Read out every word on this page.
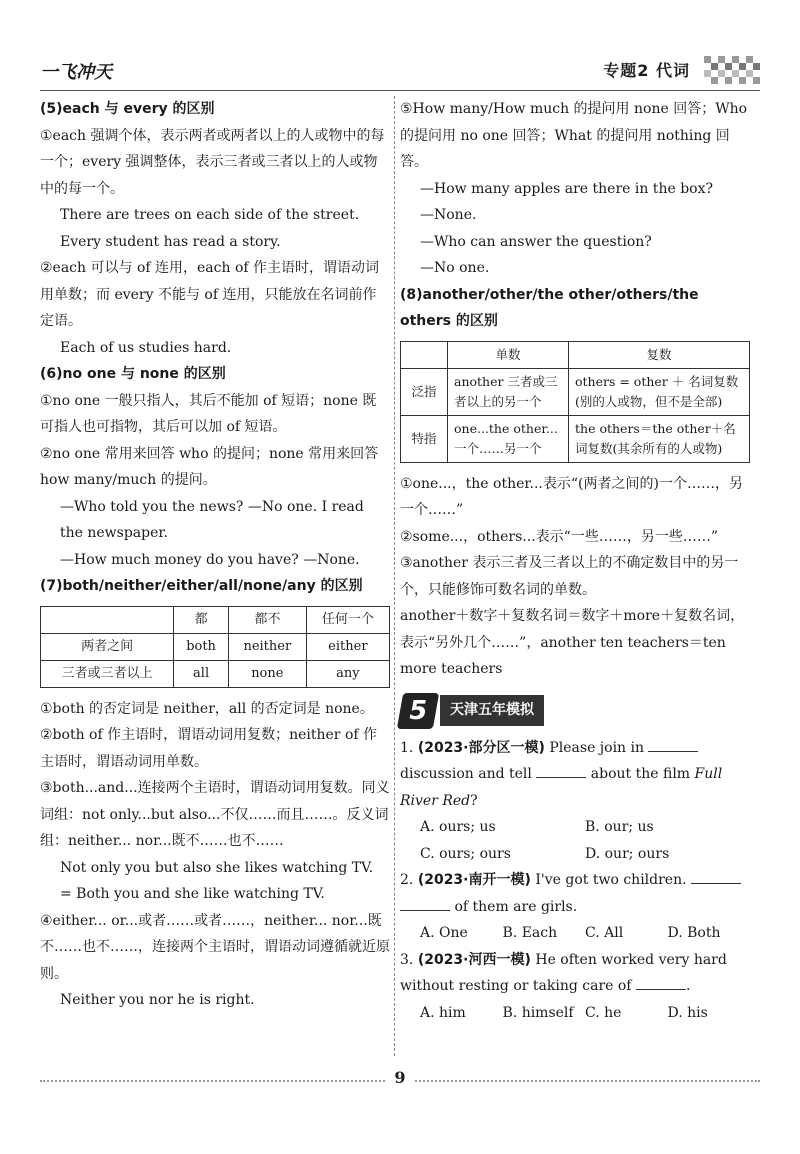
一飞冲天	专题2 代词

(5)each 与 every 的区别

①each 强调个体，表示两者或两者以上的人或物中的每一个；every 强调整体，表示三者或三者以上的人或物中的每一个。

There are trees on each side of the street.

Every student has read a story.

②each 可以与 of 连用，each of 作主语时，谓语动词用单数；而 every 不能与 of 连用，只能放在名词前作定语。

Each of us studies hard.

(6)no one 与 none 的区别

①no one 一般只指人，其后不能加 of 短语；none 既可指人也可指物，其后可以加 of 短语。

②no one 常用来回答 who 的提问；none 常用来回答 how many/much 的提问。

—Who told you the news? —No one. I read the newspaper.

—How much money do you have? —None.

(7)both/neither/either/all/none/any 的区别

	都	都不	任何一个
两者之间	both	neither	either
三者或三者以上	all	none	any

①both 的否定词是 neither，all 的否定词是 none。

②both of 作主语时，谓语动词用复数；neither of 作主语时，谓语动词用单数。

③both...and...连接两个主语时，谓语动词用复数。同义词组：not only...but also...不仅……而且……。反义词组：neither... nor...既不……也不……

Not only you but also she likes watching TV.

= Both you and she like watching TV.

④either... or...或者……或者……，neither... nor...既不……也不……，连接两个主语时，谓语动词遵循就近原则。

Neither you nor he is right.

⑤How many/How much 的提问用 none 回答；Who 的提问用 no one 回答；What 的提问用 nothing 回答。

—How many apples are there in the box?

—None.

—Who can answer the question?

—No one.

(8)another/other/the other/others/the others 的区别

	单数	复数
泛指	another 三者或三者以上的另一个	others = other ＋ 名词复数(别的人或物，但不是全部)
特指	one...the other...一个……另一个	the others＝the other＋名词复数(其余所有的人或物)

①one...，the other...表示“(两者之间的)一个……，另一个……”

②some...，others...表示“一些……，另一些……”

③another 表示三者及三者以上的不确定数目中的另一个，只能修饰可数名词的单数。

another＋数字＋复数名词＝数字＋more＋复数名词，表示“另外几个……”，another ten teachers＝ten more teachers

5	天津五年模拟

1. (2023·部分区一模) Please join in  discussion and tell	about the film Full River Red?

A. ours; us	B. our; us
C. ours; ours	D. our; ours

2. (2023·南开一模) I've got two children.   of them are girls.

A. One	B. Each	C. All	D. Both

3. (2023·河西一模) He often worked very hard without resting or taking care of	.

A. him	B. himself C. he	D. his
9
